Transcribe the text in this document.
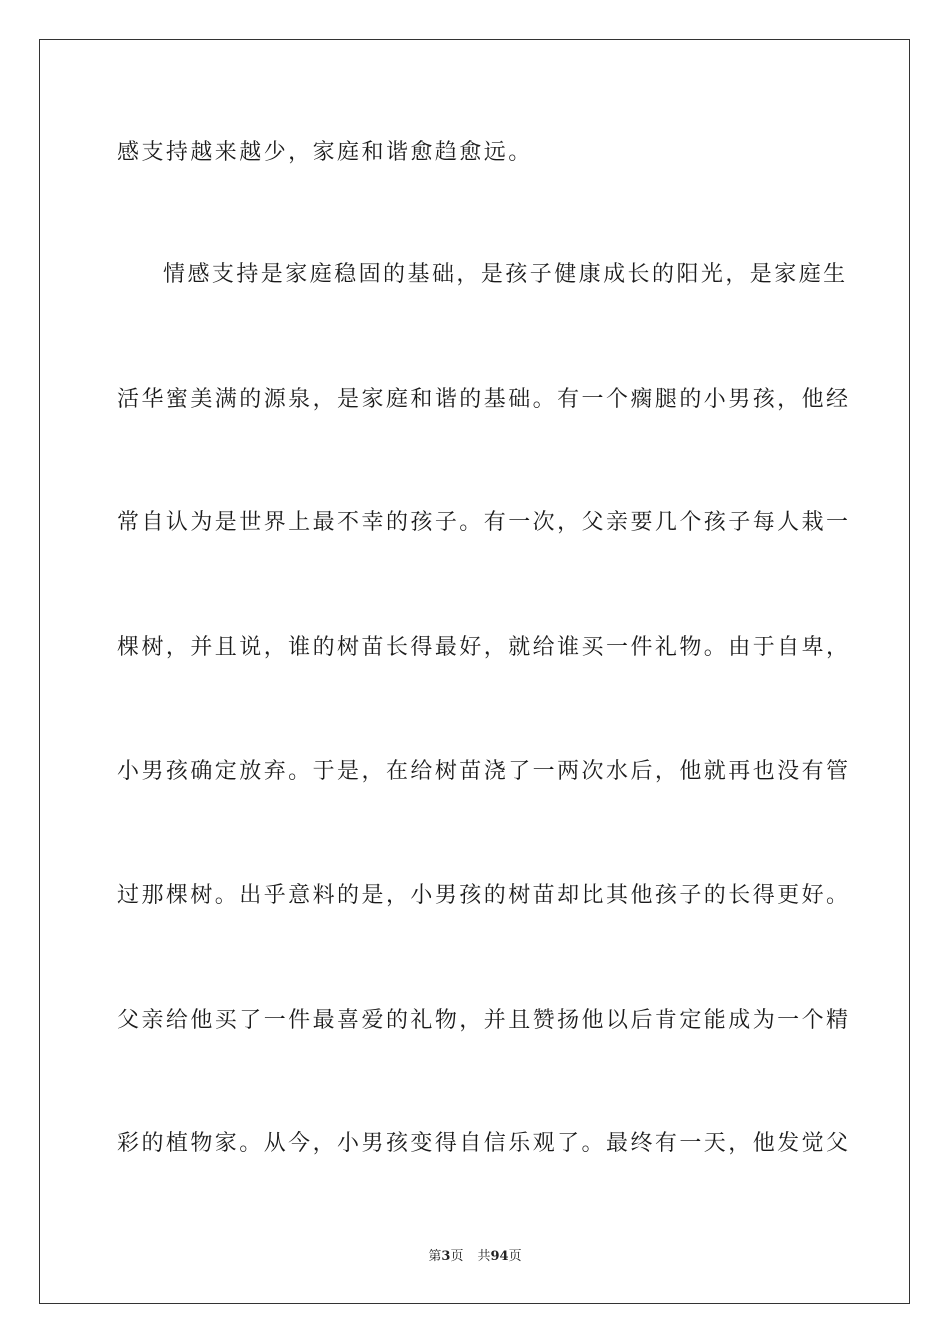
感支持越来越少，家庭和谐愈趋愈远。
情感支持是家庭稳固的基础，是孩子健康成长的阳光，是家庭生
活华蜜美满的源泉，是家庭和谐的基础。有一个瘸腿的小男孩，他经
常自认为是世界上最不幸的孩子。有一次，父亲要几个孩子每人栽一
棵树，并且说，谁的树苗长得最好，就给谁买一件礼物。由于自卑，
小男孩确定放弃。于是，在给树苗浇了一两次水后，他就再也没有管
过那棵树。出乎意料的是，小男孩的树苗却比其他孩子的长得更好。
父亲给他买了一件最喜爱的礼物，并且赞扬他以后肯定能成为一个精
彩的植物家。从今，小男孩变得自信乐观了。最终有一天，他发觉父
第3页 共94页
